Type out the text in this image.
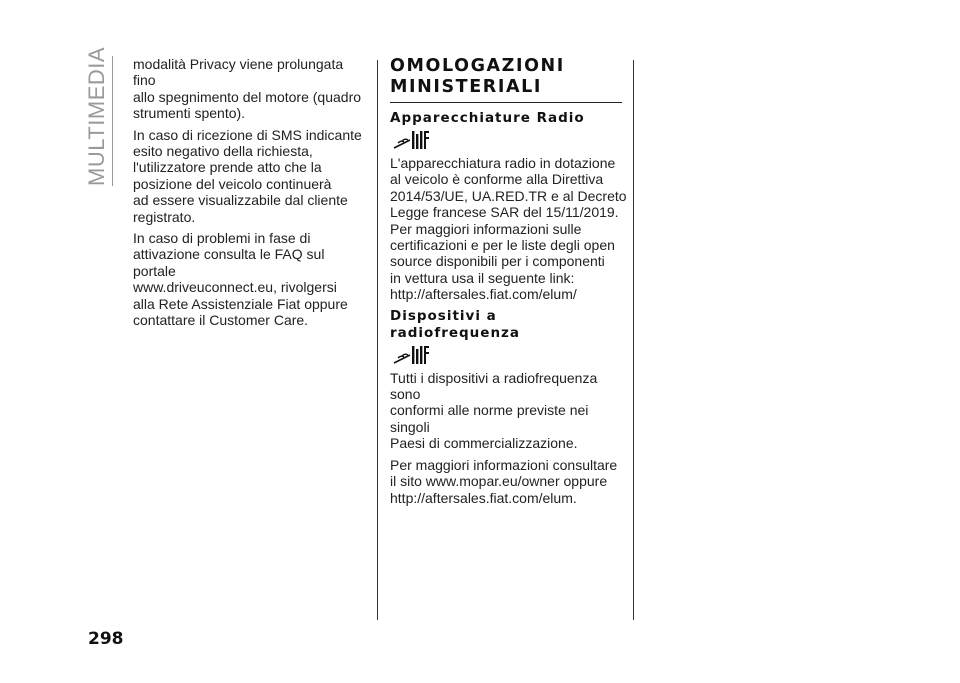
MULTIMEDIA modalità Privacy viene prolungata fino
allo spegnimento del motore (quadro
strumenti spento).

In caso di ricezione di SMS indicante
esito negativo della richiesta,
l'utilizzatore prende atto che la
posizione del veicolo continuerà
ad essere visualizzabile dal cliente
registrato.

In caso di problemi in fase di
attivazione consulta le FAQ sul portale
www.driveuconnect.eu, rivolgersi
alla Rete Assistenziale Fiat oppure
contattare il Customer Care.

OMOLOGAZIONI
MINISTERIALI
Apparecchiature Radio

L'apparecchiatura radio in dotazione
al veicolo è conforme alla Direttiva
2014/53/UE, UA.RED.TR e al Decreto
Legge francese SAR del 15/11/2019.
Per maggiori informazioni sulle
certificazioni e per le liste degli open
source disponibili per i componenti
in vettura usa il seguente link:
http://aftersales.fiat.com/elum/

Dispositivi a
radiofrequenza

Tutti i dispositivi a radiofrequenza sono
conformi alle norme previste nei singoli
Paesi di commercializzazione.

Per maggiori informazioni consultare
il sito www.mopar.eu/owner oppure
http://aftersales.fiat.com/elum.

298
